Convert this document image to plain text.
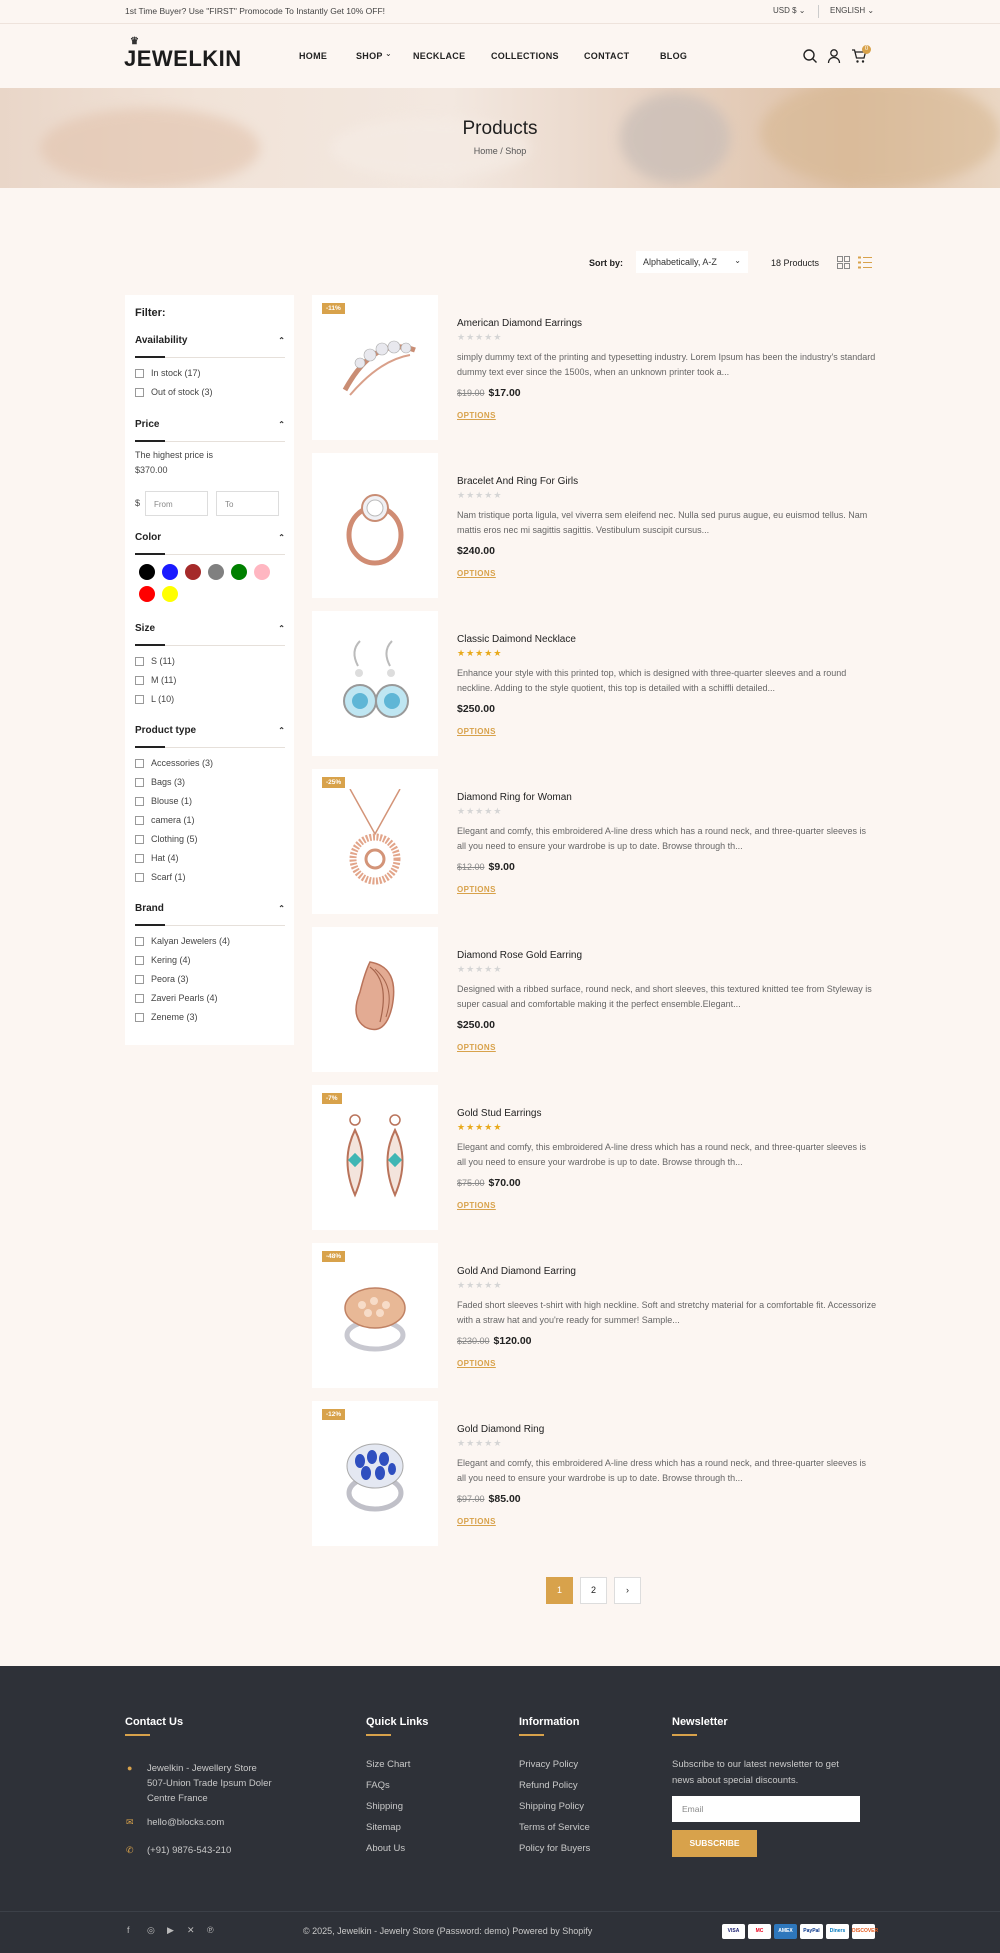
1st Time Buyer? Use "FIRST" Promocode To Instantly Get 10% OFF!	USD $ ⌄	ENGLISH ⌄
♛
JEWELKIN	HOME	SHOP ⌄ NECKLACE	COLLECTIONS	CONTACT	BLOG
0
Products
Home / Shop
Sort by:	Alphabetically, A-Z ⌄	18 Products
Filter:
Availability	⌃
In stock (17)
Out of stock (3)
Price	⌃
The highest price is
$370.00
$	From	To
Color	⌃
Size	⌃
S (11)
M (11)
L (10)
Product type	⌃
Accessories (3)
Bags (3)
Blouse (1)
camera (1)
Clothing (5)
Hat (4)
Scarf (1)
Brand	⌃
Kalyan Jewelers (4)
Kering (4)
Peora (3)
Zaveri Pearls (4)
Zeneme (3)
-11%
American Diamond Earrings
★★★★★
simply dummy text of the printing and typesetting industry. Lorem Ipsum has been the industry's standard dummy text ever since the 1500s, when an unknown printer took a...
$19.00 $17.00
OPTIONS
Bracelet And Ring For Girls
★★★★★
Nam tristique porta ligula, vel viverra sem eleifend nec. Nulla sed purus augue, eu euismod tellus. Nam mattis eros nec mi sagittis sagittis. Vestibulum suscipit cursus...
$240.00
OPTIONS
Classic Daimond Necklace
★★★★★
Enhance your style with this printed top, which is designed with three-quarter sleeves and a round neckline. Adding to the style quotient, this top is detailed with a schiffli detailed...
$250.00
OPTIONS
-25%
Diamond Ring for Woman
★★★★★
Elegant and comfy, this embroidered A-line dress which has a round neck, and three-quarter sleeves is all you need to ensure your wardrobe is up to date. Browse through th...
$12.00 $9.00
OPTIONS
Diamond Rose Gold Earring
★★★★★
Designed with a ribbed surface, round neck, and short sleeves, this textured knitted tee from Styleway is super casual and comfortable making it the perfect ensemble.Elegant...
$250.00
OPTIONS
-7%
Gold Stud Earrings
★★★★★
Elegant and comfy, this embroidered A-line dress which has a round neck, and three-quarter sleeves is all you need to ensure your wardrobe is up to date. Browse through th...
$75.00 $70.00
OPTIONS
-48%
Gold And Diamond Earring
★★★★★
Faded short sleeves t-shirt with high neckline. Soft and stretchy material for a comfortable fit. Accessorize with a straw hat and you're ready for summer! Sample...
$230.00 $120.00
OPTIONS
-12%
Gold Diamond Ring
★★★★★
Elegant and comfy, this embroidered A-line dress which has a round neck, and three-quarter sleeves is all you need to ensure your wardrobe is up to date. Browse through th...
$97.00 $85.00
OPTIONS
1	2	›
Contact Us
● Jewelkin - Jewellery Store
507-Union Trade Ipsum Doler
Centre France
✉ hello@blocks.com
✆ (+91) 9876-543-210
Quick Links
Size Chart
FAQs
Shipping
Sitemap
About Us
Information
Privacy Policy
Refund Policy
Shipping Policy
Terms of Service
Policy for Buyers
Newsletter
Subscribe to our latest newsletter to get
news about special discounts.
Email
SUBSCRIBE
f ◎ ▶ ✕ ℗	© 2025, Jewelkin - Jewelry Store (Password: demo) Powered by Shopify	VISA	MC	AMEX	PayPal	Diners	DISCOVER
